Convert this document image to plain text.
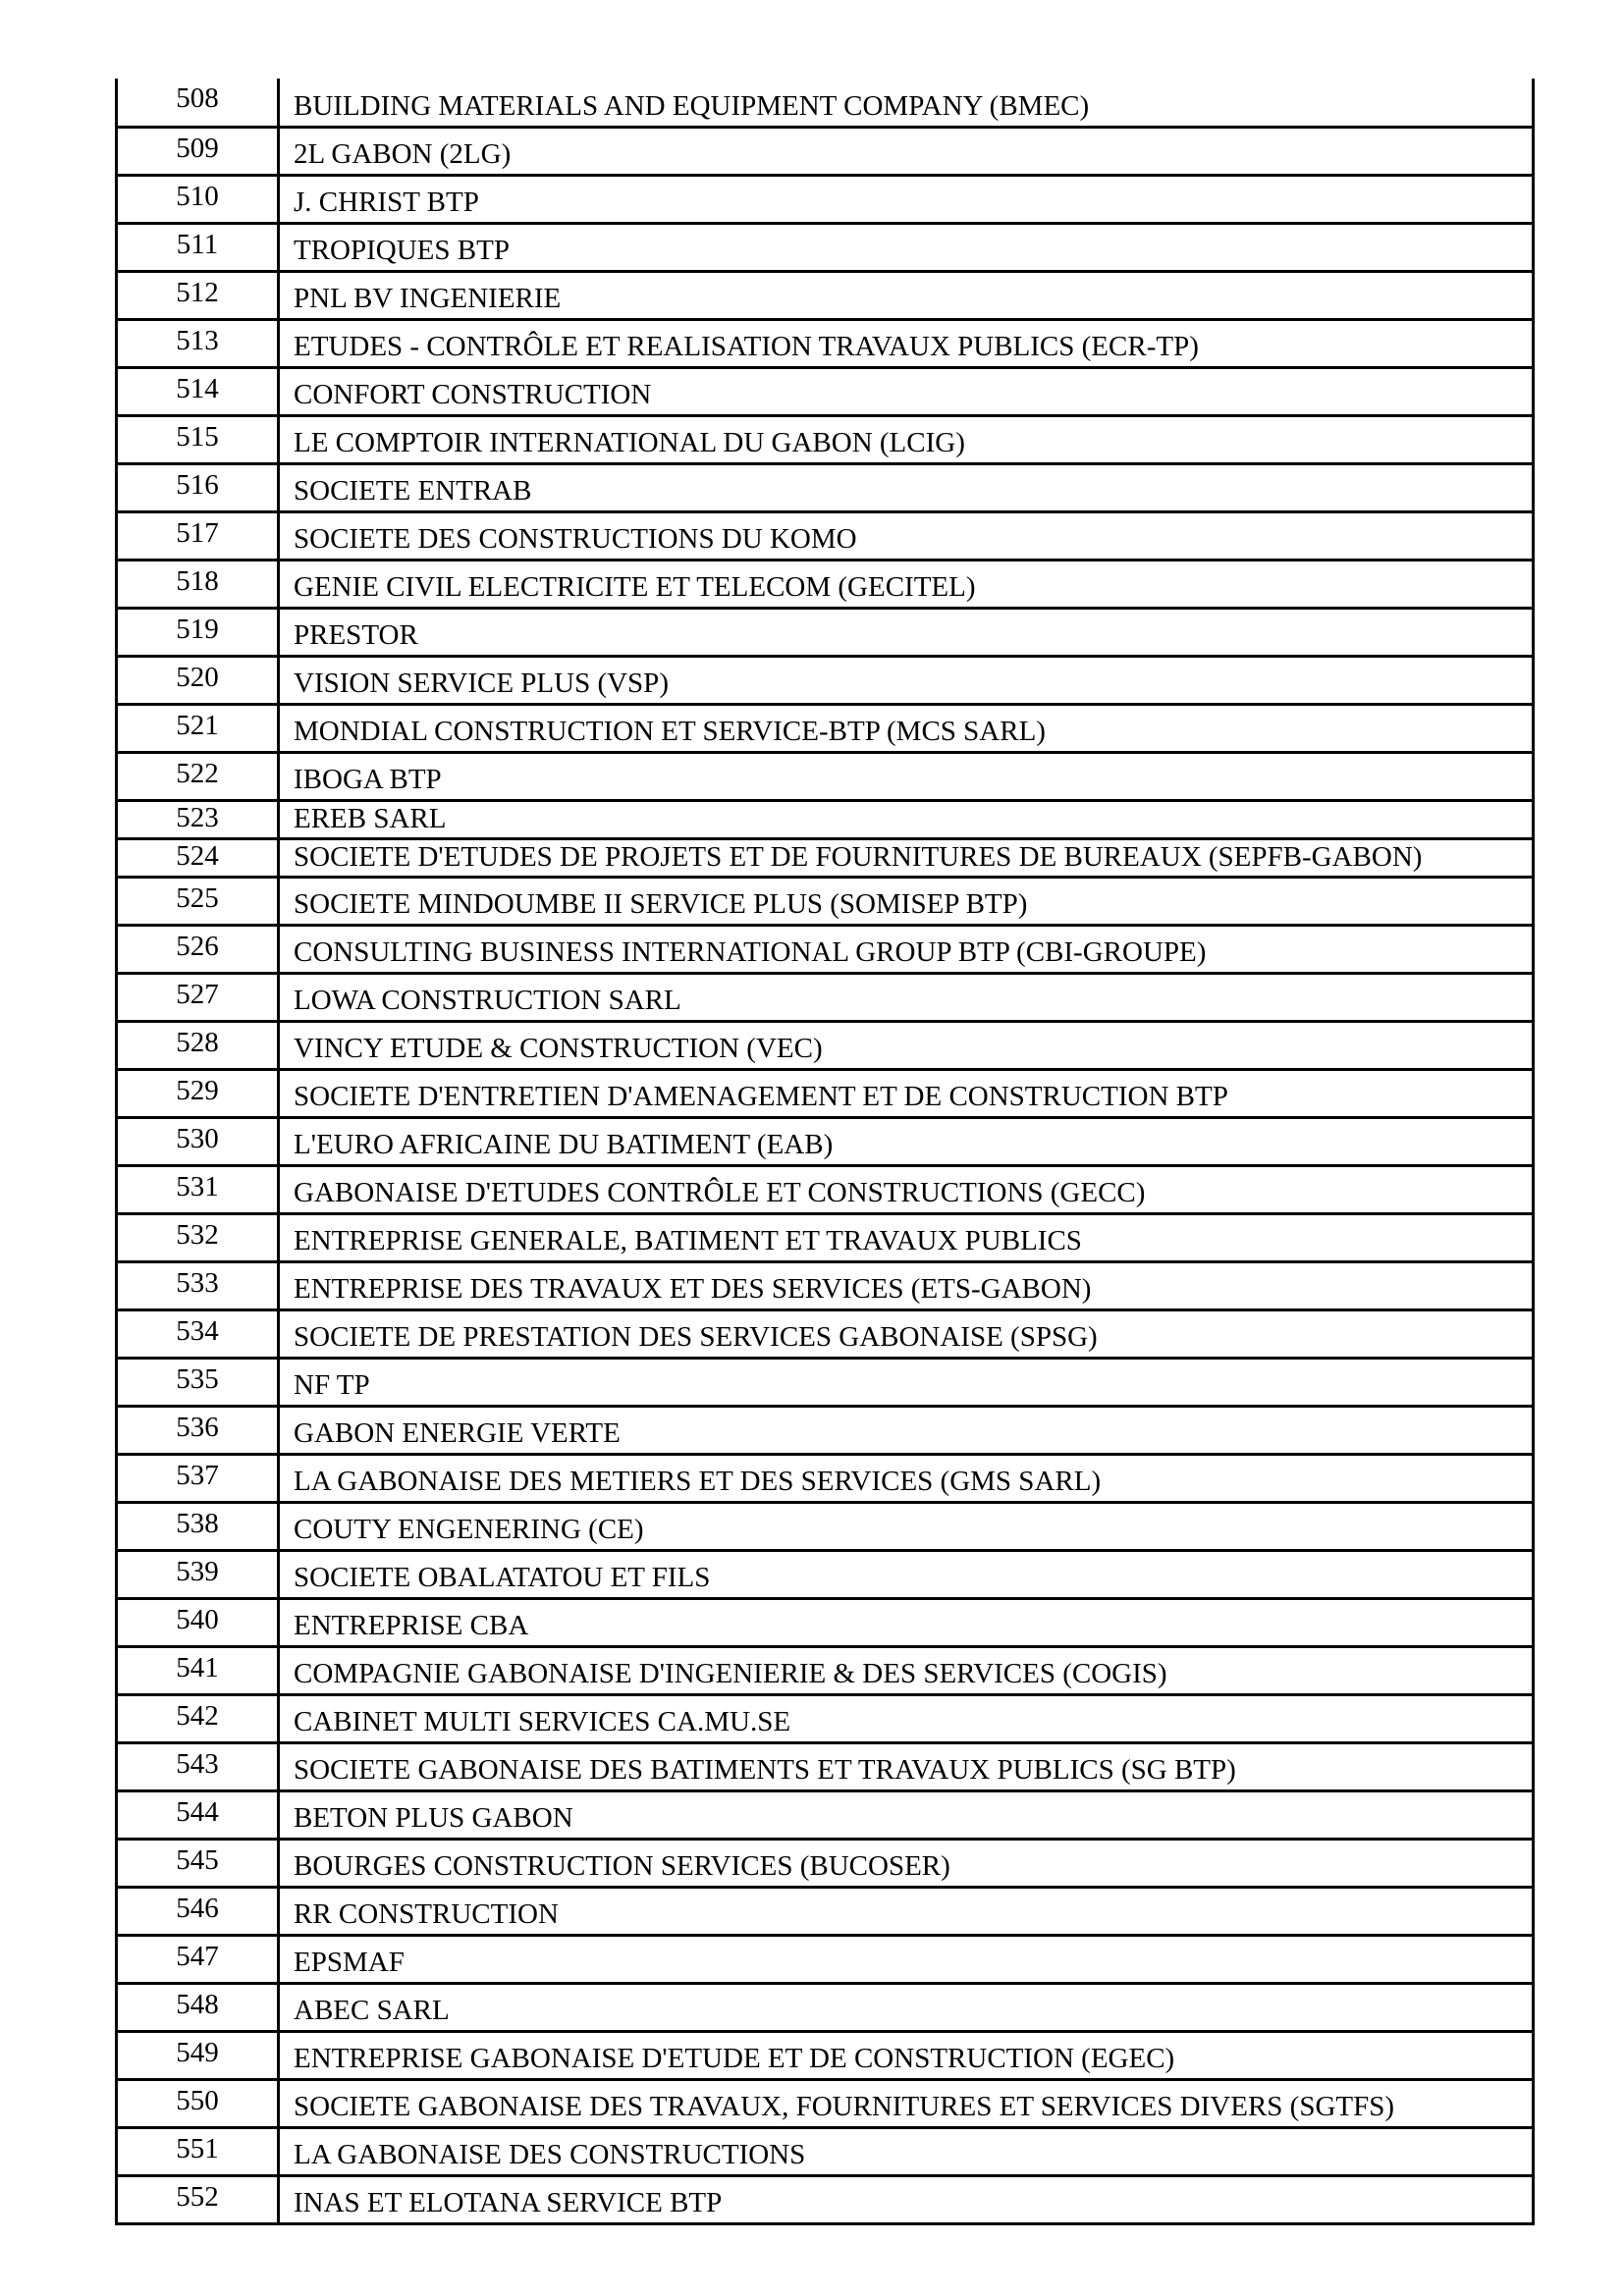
508	BUILDING MATERIALS AND EQUIPMENT COMPANY (BMEC)
509	2L GABON (2LG)
510	J. CHRIST BTP
511	TROPIQUES BTP
512	PNL BV INGENIERIE
513	ETUDES - CONTRÔLE ET REALISATION TRAVAUX PUBLICS (ECR-TP)
514	CONFORT CONSTRUCTION
515	LE COMPTOIR INTERNATIONAL DU GABON (LCIG)
516	SOCIETE ENTRAB
517	SOCIETE DES CONSTRUCTIONS DU KOMO
518	GENIE CIVIL ELECTRICITE ET TELECOM (GECITEL)
519	PRESTOR
520	VISION SERVICE PLUS (VSP)
521	MONDIAL CONSTRUCTION ET SERVICE-BTP (MCS SARL)
522	IBOGA BTP
523	EREB SARL
524	SOCIETE D'ETUDES DE PROJETS ET DE FOURNITURES DE BUREAUX (SEPFB-GABON)
525	SOCIETE MINDOUMBE II SERVICE PLUS (SOMISEP BTP)
526	CONSULTING BUSINESS INTERNATIONAL GROUP BTP (CBI-GROUPE)
527	LOWA CONSTRUCTION SARL
528	VINCY ETUDE & CONSTRUCTION (VEC)
529	SOCIETE D'ENTRETIEN D'AMENAGEMENT ET DE CONSTRUCTION BTP
530	L'EURO AFRICAINE DU BATIMENT (EAB)
531	GABONAISE D'ETUDES CONTRÔLE ET CONSTRUCTIONS (GECC)
532	ENTREPRISE GENERALE, BATIMENT ET TRAVAUX PUBLICS
533	ENTREPRISE DES TRAVAUX ET DES SERVICES (ETS-GABON)
534	SOCIETE DE PRESTATION DES SERVICES GABONAISE (SPSG)
535	NF TP
536	GABON ENERGIE VERTE
537	LA GABONAISE DES METIERS ET DES SERVICES (GMS SARL)
538	COUTY ENGENERING (CE)
539	SOCIETE OBALATATOU ET FILS
540	ENTREPRISE CBA
541	COMPAGNIE GABONAISE D'INGENIERIE & DES SERVICES (COGIS)
542	CABINET MULTI SERVICES CA.MU.SE
543	SOCIETE GABONAISE DES BATIMENTS ET TRAVAUX PUBLICS (SG BTP)
544	BETON PLUS GABON
545	BOURGES CONSTRUCTION SERVICES (BUCOSER)
546	RR CONSTRUCTION
547	EPSMAF
548	ABEC SARL
549	ENTREPRISE GABONAISE D'ETUDE ET DE CONSTRUCTION (EGEC)
550	SOCIETE GABONAISE DES TRAVAUX, FOURNITURES ET SERVICES DIVERS (SGTFS)
551	LA GABONAISE DES CONSTRUCTIONS
552	INAS ET ELOTANA SERVICE BTP
